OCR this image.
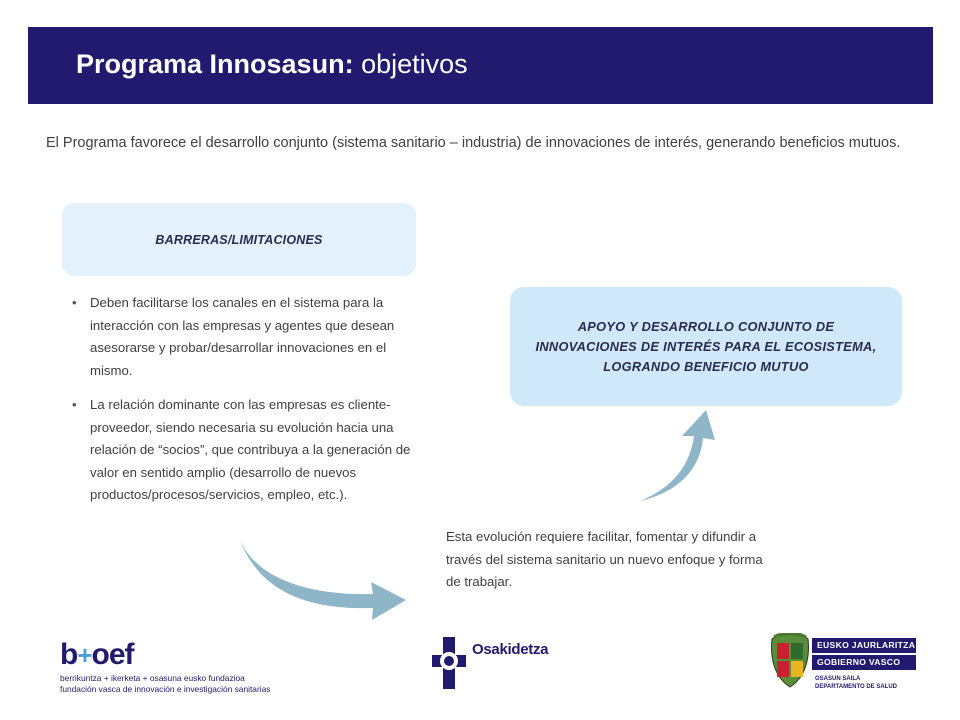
Programa Innosasun: objetivos

El Programa favorece el desarrollo conjunto (sistema sanitario – industria) de innovaciones de interés, generando beneficios mutuos.

BARRERAS/LIMITACIONES
• Deben facilitarse los canales en el sistema para la interacción con las empresas y agentes que desean asesorarse y probar/desarrollar innovaciones en el mismo.
• La relación dominante con las empresas es cliente-proveedor, siendo necesaria su evolución hacia una relación de “socios”, que contribuya a la generación de valor en sentido amplio (desarrollo de nuevos productos/procesos/servicios, empleo, etc.).
APOYO Y DESARROLLO CONJUNTO DE INNOVACIONES DE INTERÉS PARA EL ECOSISTEMA, LOGRANDO BENEFICIO MUTUO

Esta evolución requiere facilitar, fomentar y difundir a través del sistema sanitario un nuevo enfoque y forma de trabajar.

b + oef
berrikuntza + ikerketa + osasuna eusko fundazioa
fundación vasca de innovación e investigación sanitarias
Osakidetza	EUSKO JAURLARITZA
GOBIERNO VASCO
OSASUN SAILA
DEPARTAMENTO DE SALUD
